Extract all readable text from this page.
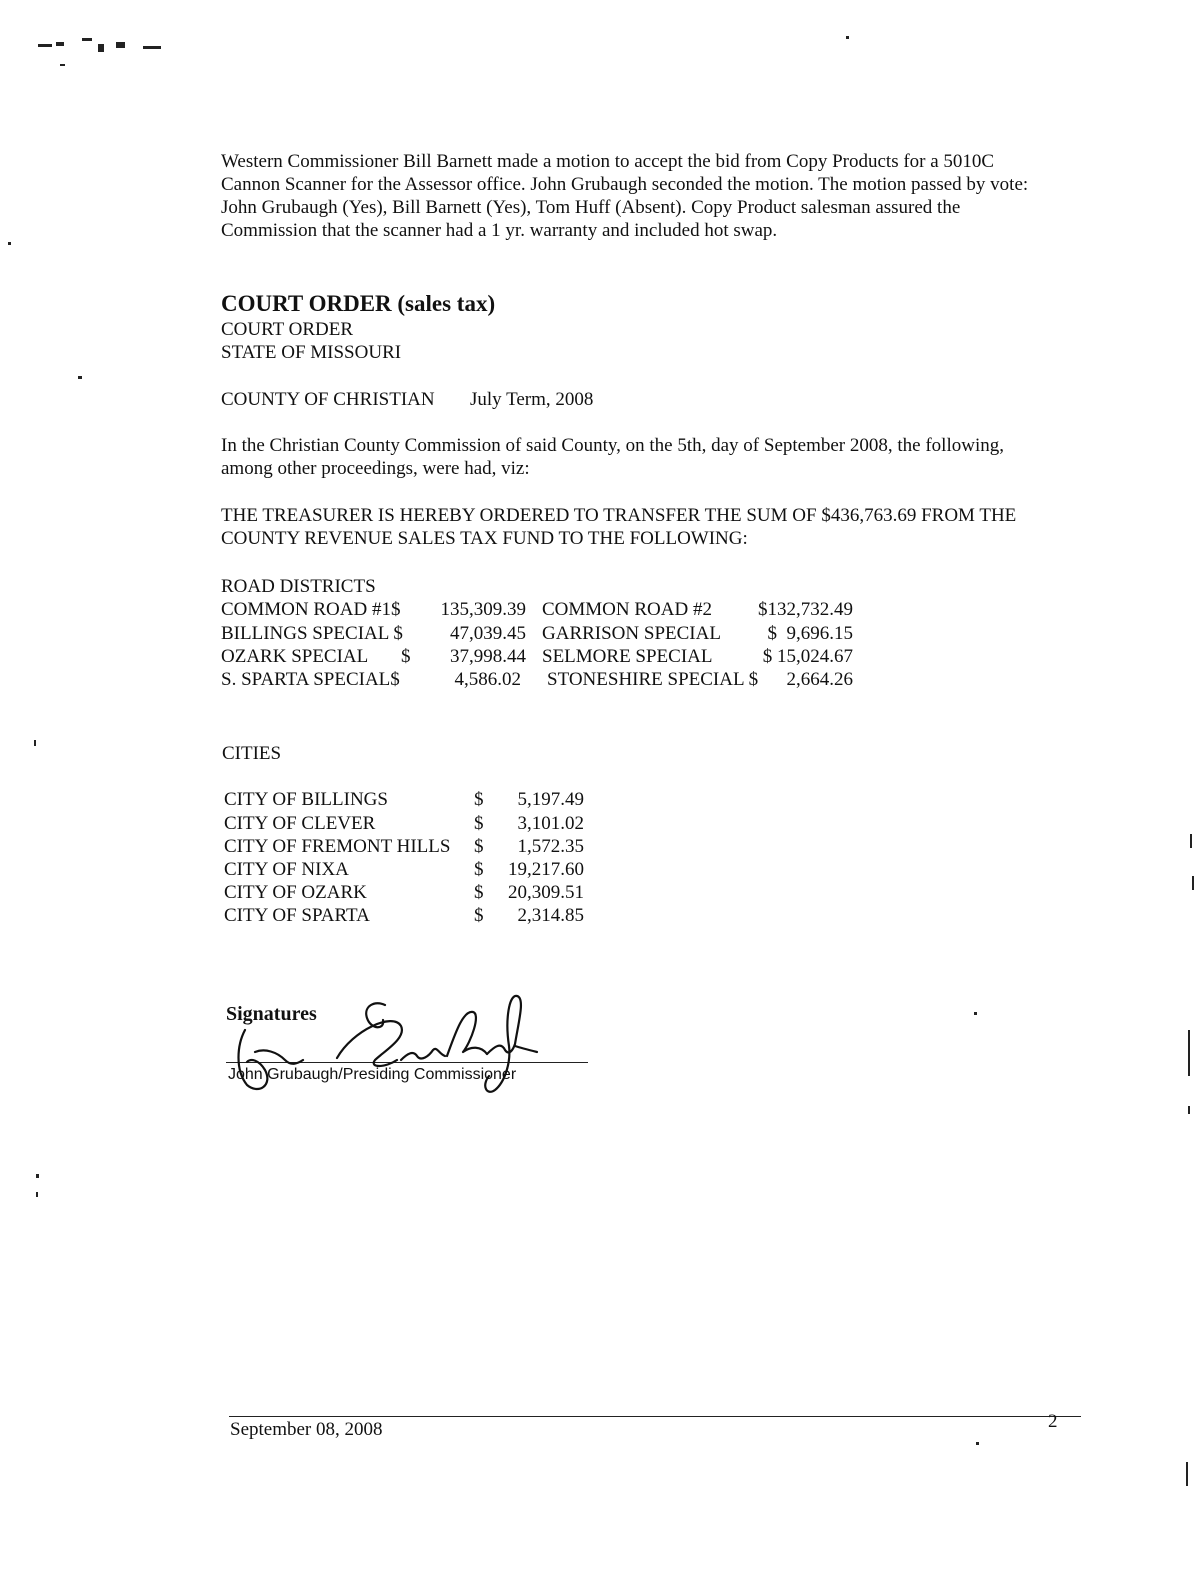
Western Commissioner Bill Barnett made a motion to accept the bid from Copy Products for a 5010C
Cannon Scanner for the Assessor office. John Grubaugh seconded the motion. The motion passed by vote:
John Grubaugh (Yes), Bill Barnett (Yes), Tom Huff (Absent). Copy Product salesman assured the
Commission that the scanner had a 1 yr. warranty and included hot swap.
COURT ORDER (sales tax)
COURT ORDER
STATE OF MISSOURI
COUNTY OF CHRISTIAN July Term, 2008
In the Christian County Commission of said County, on the 5th, day of September 2008, the following,
among other proceedings, were had, viz:
THE TREASURER IS HEREBY ORDERED TO TRANSFER THE SUM OF $436,763.69 FROM THE
COUNTY REVENUE SALES TAX FUND TO THE FOLLOWING:
ROAD DISTRICTS
COMMON ROAD #1$	135,309.39 COMMON ROAD #2	$132,732.49
BILLINGS SPECIAL $	47,039.45 GARRISON SPECIAL	$  9,696.15
OZARK SPECIAL $	37,998.44 SELMORE SPECIAL	$ 15,024.67
S. SPARTA SPECIAL$	4,586.02 STONESHIRE SPECIAL $	2,664.26
CITIES
CITY OF BILLINGS	$	5,197.49
CITY OF CLEVER	$	3,101.02
CITY OF FREMONT HILLS $	1,572.35
CITY OF NIXA	$	19,217.60
CITY OF OZARK	$	20,309.51
CITY OF SPARTA	$	2,314.85
Signatures
John Grubaugh/Presiding Commissioner
September 08, 2008	2
